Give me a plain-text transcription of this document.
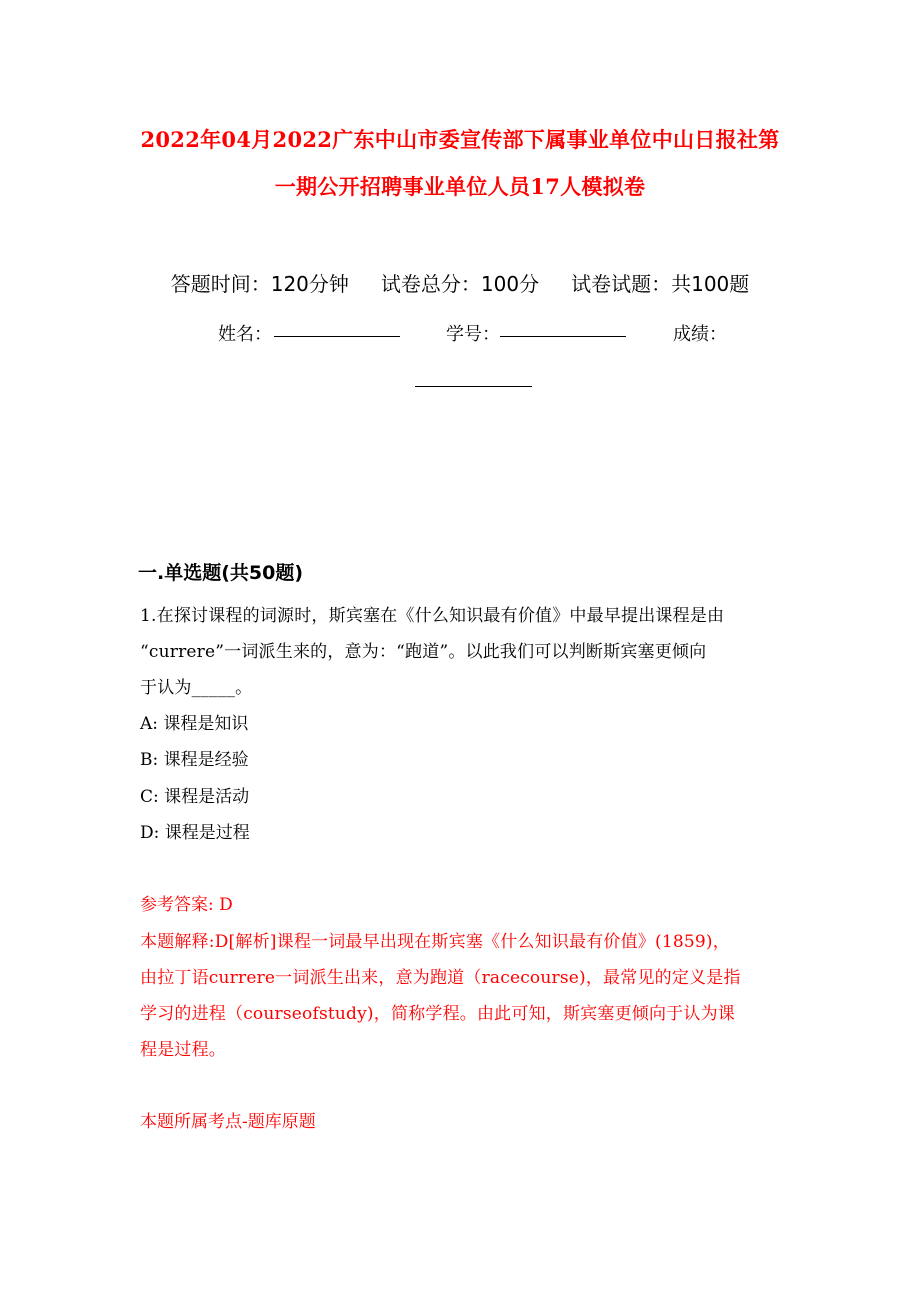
2022年04月2022广东中山市委宣传部下属事业单位中山日报社第
一期公开招聘事业单位人员17人模拟卷
答题时间：120分钟 试卷总分：100分 试卷试题：共100题
姓名：	学号：	成绩：
一.单选题(共50题)
1.在探讨课程的词源时，斯宾塞在《什么知识最有价值》中最早提出课程是由
“currere”一词派生来的，意为：“跑道”。以此我们可以判断斯宾塞更倾向
于认为_____。
A: 课程是知识
B: 课程是经验
C: 课程是活动
D: 课程是过程
参考答案: D
本题解释:D[解析]课程一词最早出现在斯宾塞《什么知识最有价值》(1859)，
由拉丁语currere一词派生出来，意为跑道（racecourse)，最常见的定义是指
学习的进程（courseofstudy)，简称学程。由此可知，斯宾塞更倾向于认为课
程是过程。
本题所属考点-题库原题
